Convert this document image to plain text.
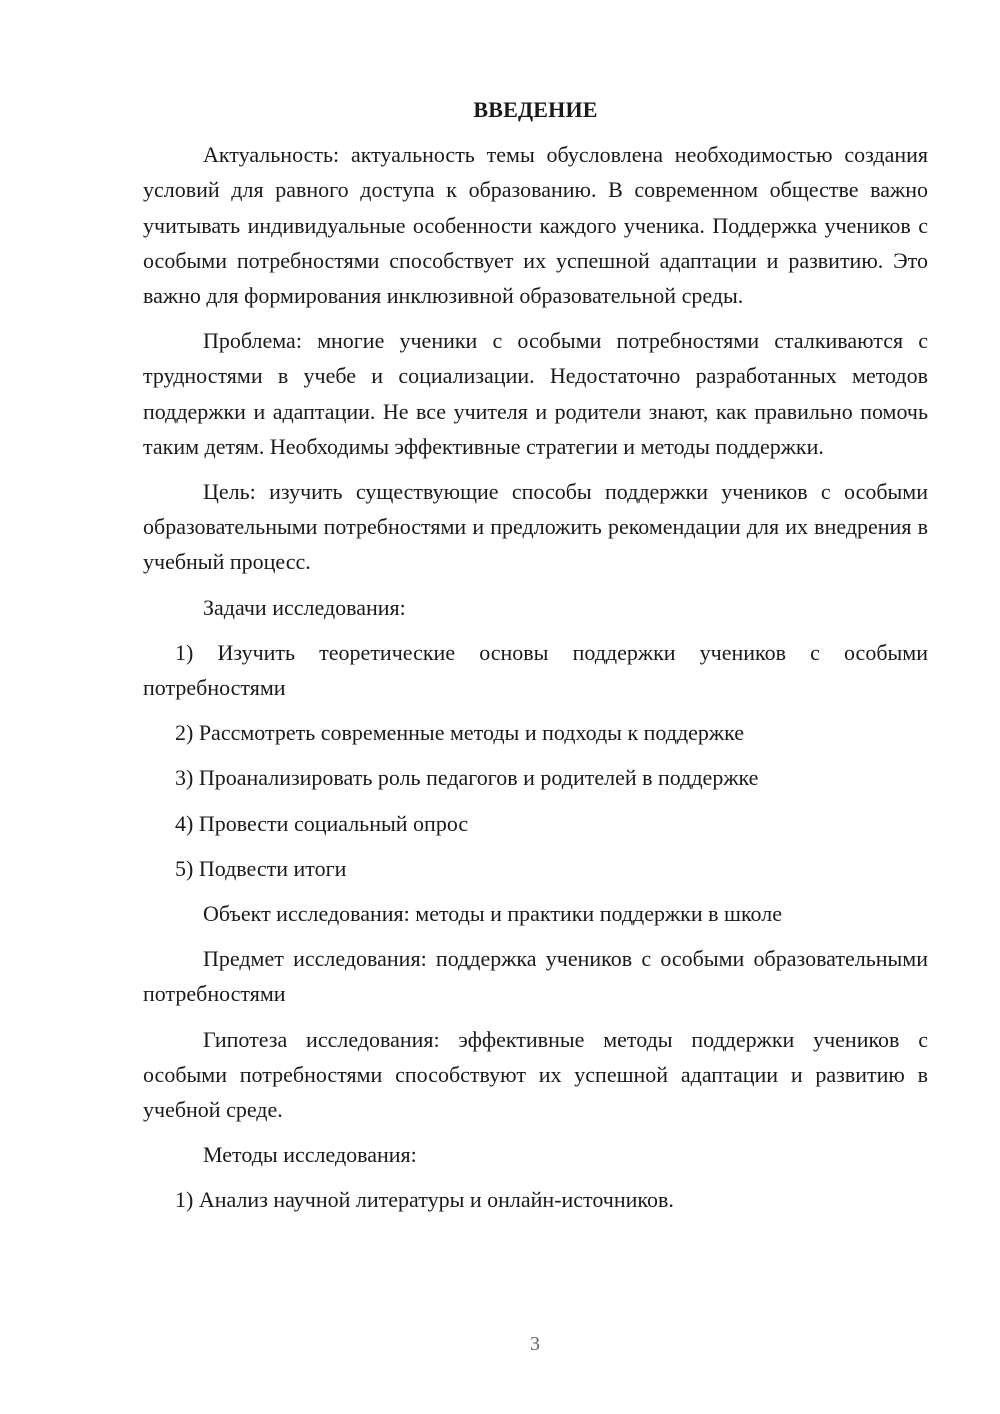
ВВЕДЕНИЕ

Актуальность: актуальность темы обусловлена необходимостью создания условий для равного доступа к образованию. В современном обществе важно учитывать индивидуальные особенности каждого ученика. Поддержка учеников с особыми потребностями способствует их успешной адаптации и развитию. Это важно для формирования инклюзивной образовательной среды.

Проблема: многие ученики с особыми потребностями сталкиваются с трудностями в учебе и социализации. Недостаточно разработанных методов поддержки и адаптации. Не все учителя и родители знают, как правильно помочь таким детям. Необходимы эффективные стратегии и методы поддержки.

Цель: изучить существующие способы поддержки учеников с особыми образовательными потребностями и предложить рекомендации для их внедрения в учебный процесс.

Задачи исследования:

1) Изучить теоретические основы поддержки учеников с особыми потребностями

2) Рассмотреть современные методы и подходы к поддержке

3) Проанализировать роль педагогов и родителей в поддержке

4) Провести социальный опрос

5) Подвести итоги

Объект исследования: методы и практики поддержки в школе

Предмет исследования: поддержка учеников с особыми образовательными потребностями

Гипотеза исследования: эффективные методы поддержки учеников с особыми потребностями способствуют их успешной адаптации и развитию в учебной среде.

Методы исследования:

1) Анализ научной литературы и онлайн-источников.

3
